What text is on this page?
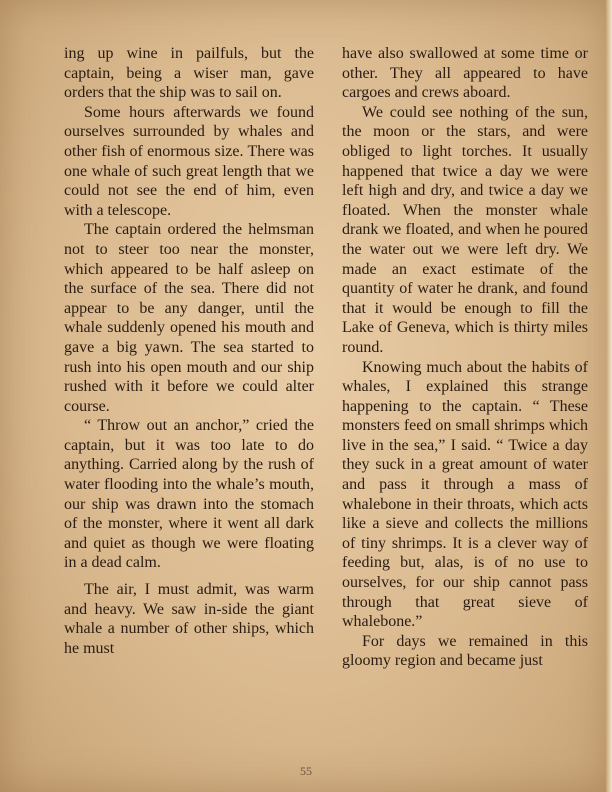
ing up wine in pailfuls, but the captain, being a wiser man, gave orders that the ship was to sail on.

Some hours afterwards we found ourselves surrounded by whales and other fish of enormous size. There was one whale of such great length that we could not see the end of him, even with a telescope.

The captain ordered the helmsman not to steer too near the monster, which appeared to be half asleep on the surface of the sea. There did not appear to be any danger, until the whale suddenly opened his mouth and gave a big yawn. The sea started to rush into his open mouth and our ship rushed with it before we could alter course.

“ Throw out an anchor,” cried the captain, but it was too late to do anything. Carried along by the rush of water flooding into the whale’s mouth, our ship was drawn into the stomach of the monster, where it went all dark and quiet as though we were floating in a dead calm.

The air, I must admit, was warm and heavy. We saw in-side the giant whale a number of other ships, which he must

have also swallowed at some time or other. They all appeared to have cargoes and crews aboard.

We could see nothing of the sun, the moon or the stars, and were obliged to light torches. It usually happened that twice a day we were left high and dry, and twice a day we floated. When the monster whale drank we floated, and when he poured the water out we were left dry. We made an exact estimate of the quantity of water he drank, and found that it would be enough to fill the Lake of Geneva, which is thirty miles round.

Knowing much about the habits of whales, I explained this strange happening to the captain. “ These monsters feed on small shrimps which live in the sea,” I said. “ Twice a day they suck in a great amount of water and pass it through a mass of whalebone in their throats, which acts like a sieve and collects the millions of tiny shrimps. It is a clever way of feeding but, alas, is of no use to ourselves, for our ship cannot pass through that great sieve of whalebone.”

For days we remained in this gloomy region and became just

55
